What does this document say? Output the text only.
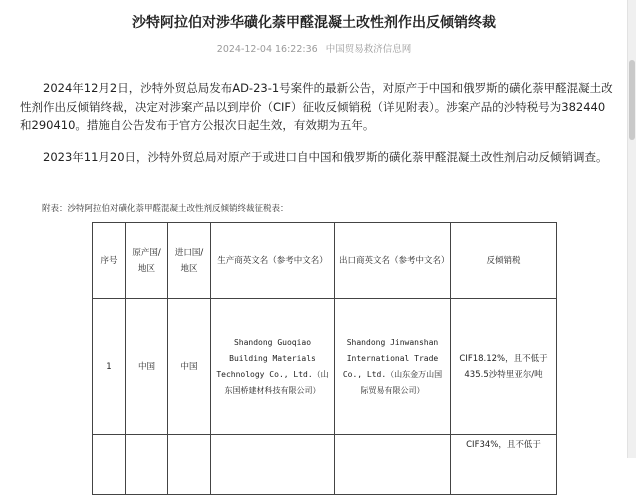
沙特阿拉伯对涉华磺化萘甲醛混凝土改性剂作出反倾销终裁
2024-12-04 16:22:36 中国贸易救济信息网
2024年12月2日，沙特外贸总局发布AD-23-1号案件的最新公告，对原产于中国和俄罗斯的磺化萘甲醛混凝土改性剂作出反倾销终裁，决定对涉案产品以到岸价（CIF）征收反倾销税（详见附表）。涉案产品的沙特税号为382440和290410。措施自公告发布于官方公报次日起生效，有效期为五年。
2023年11月20日，沙特外贸总局对原产于或进口自中国和俄罗斯的磺化萘甲醛混凝土改性剂启动反倾销调查。
附表：沙特阿拉伯对磺化萘甲醛混凝土改性剂反倾销终裁征税表：
序号	原产国/地区	进口国/地区	生产商英文名（参考中文名）	出口商英文名（参考中文名）	反倾销税
1	中国	中国	Shandong Guoqiao Building Materials Technology Co., Ltd.（山东国桥建材科技有限公司）	Shandong Jinwanshan International Trade Co., Ltd.（山东金万山国际贸易有限公司）	CIF18.12%，且不低于435.5沙特里亚尔/吨
					CIF34%，且不低于
